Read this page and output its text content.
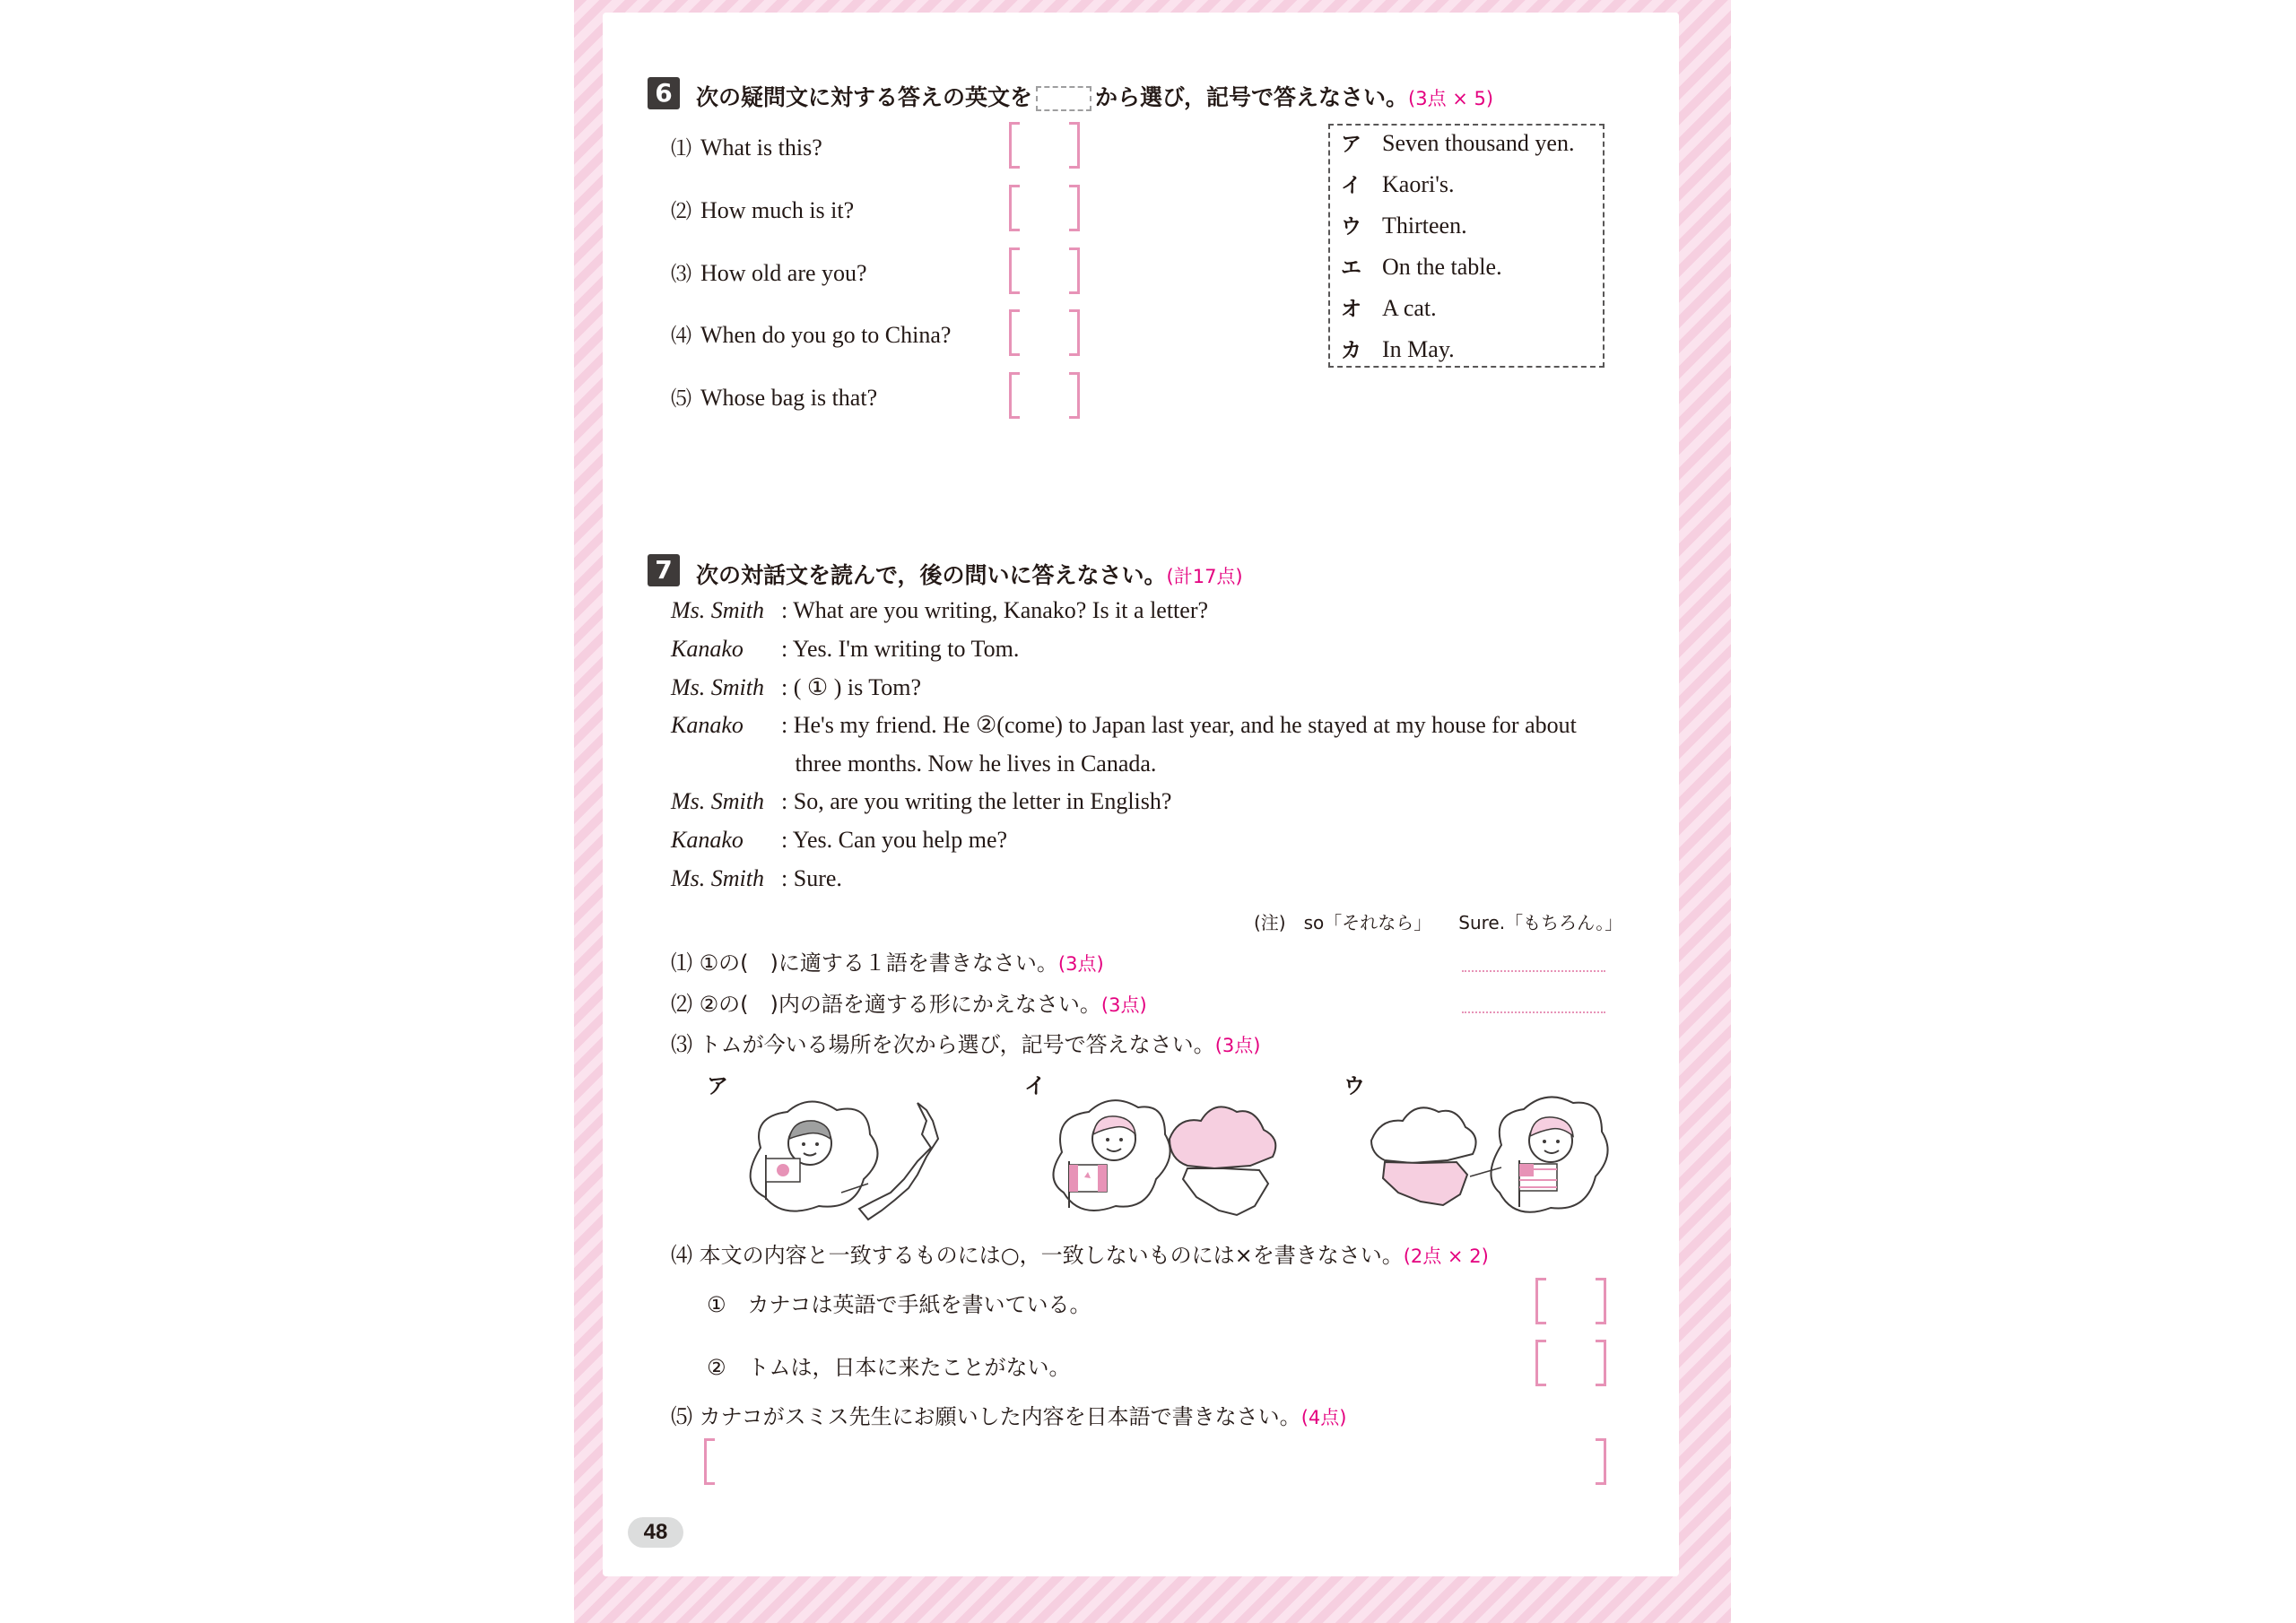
6	次の疑問文に対する答えの英文を	から選び，記号で答えなさい。(3点 × 5)
⑴ What is this?
⑵ How much is it?
⑶ How old are you?
⑷ When do you go to China?
⑸ Whose bag is that?
ア Seven thousand yen.
イ Kaori's.
ウ Thirteen.
エ On the table.
オ A cat.
カ In May.
7	次の対話文を読んで，後の問いに答えなさい。(計17点)
Ms. Smith : What are you writing, Kanako? Is it a letter?
Kanako : Yes. I'm writing to Tom.
Ms. Smith : ( ① ) is Tom?
Kanako : He's my friend. He ②(come) to Japan last year, and he stayed at my house for about
three months. Now he lives in Canada.
Ms. Smith : So, are you writing the letter in English?
Kanako : Yes. Can you help me?
Ms. Smith : Sure.
(注)　so「それなら」　　Sure.「もちろん。」
⑴ ①の(　)に適する１語を書きなさい。(3点)
⑵ ②の(　)内の語を適する形にかえなさい。(3点)
⑶ トムが今いる場所を次から選び，記号で答えなさい。(3点)
ア	イ	ウ
⑷ 本文の内容と一致するものには○，一致しないものには×を書きなさい。(2点 × 2)
①　 カナコは英語で手紙を書いている。
②　 トムは，日本に来たことがない。
⑸ カナコがスミス先生にお願いした内容を日本語で書きなさい。(4点)
48
